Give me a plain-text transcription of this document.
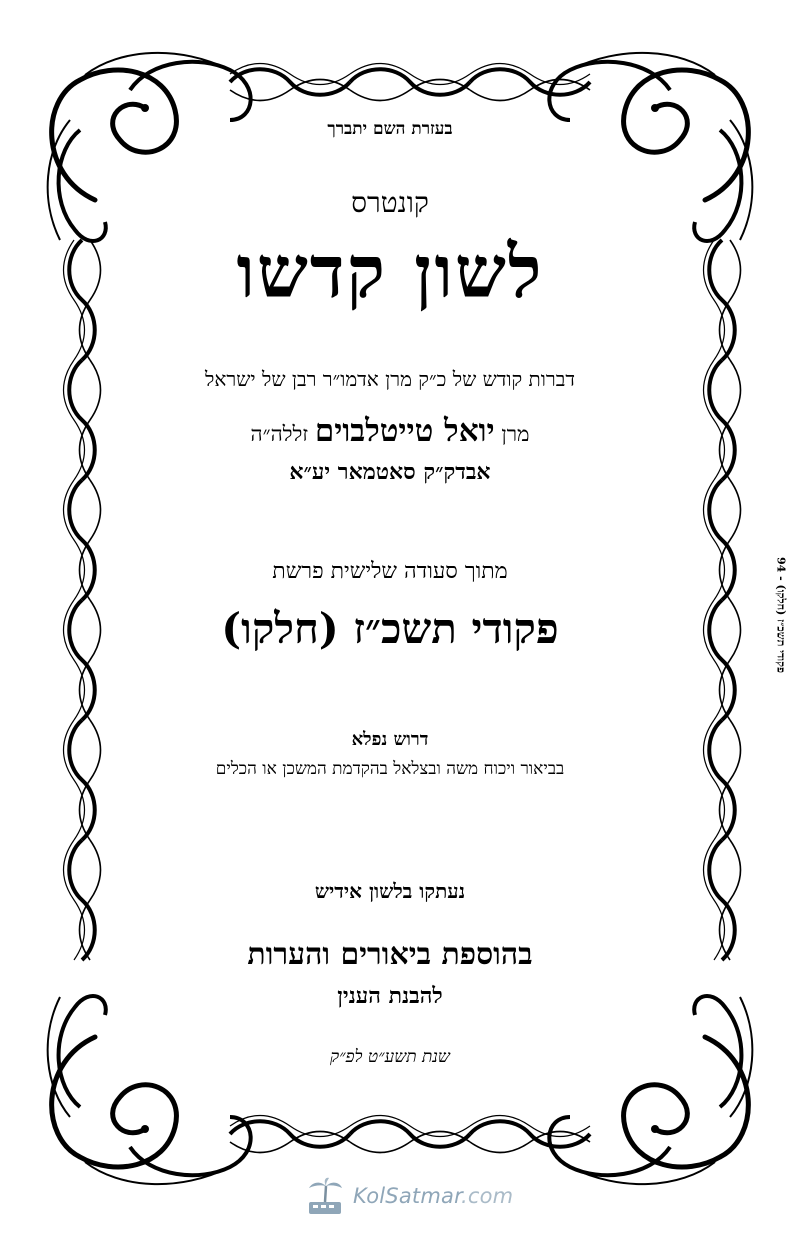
בעזרת השם יתברך
קונטרס
לשון קדשו
דברות קודש של כ״ק מרן אדמו״ר רבן של ישראל
מרן יואל טייטלבוים זללה״ה
אבדק״ק סאטמאר יע״א
מתוך סעודה שלישית פרשת
פקודי תשכ״ז (חלקו)
דרוש נפלא
בביאור ויכוח משה ובצלאל בהקדמת המשכן או הכלים
נעתקו בלשון אידיש
בהוספת ביאורים והערות
להבנת הענין
שנת תשע״ט לפ״ק
פקודי תשכ״ז (חלקו) - 94
KolSatmar.com
